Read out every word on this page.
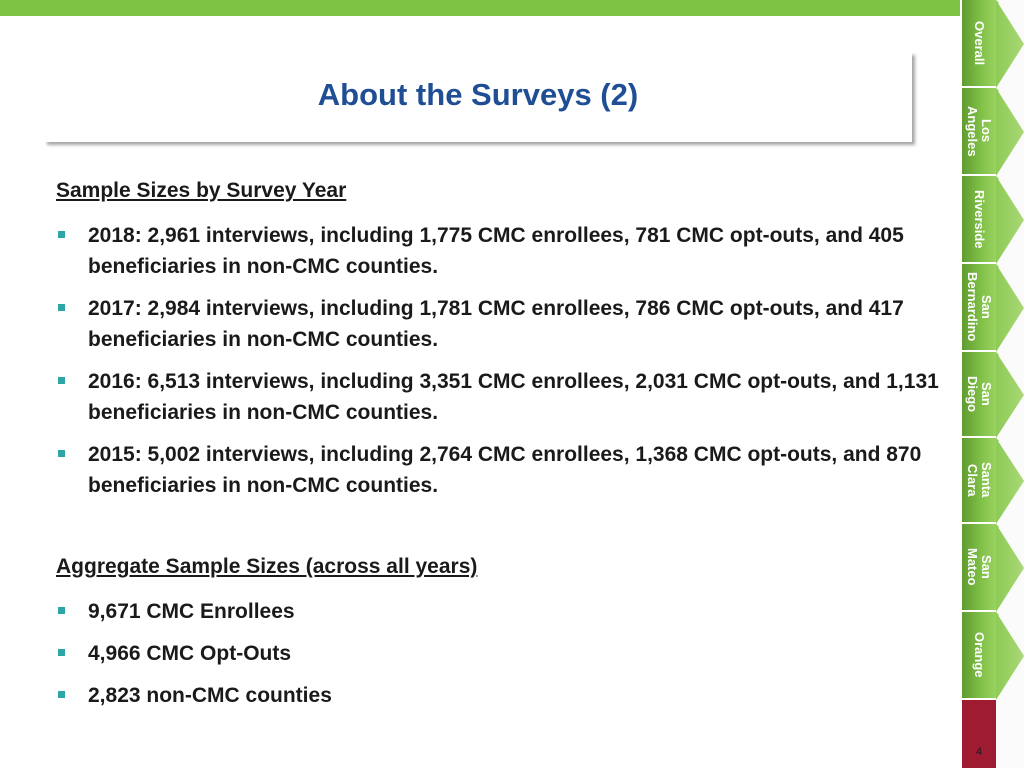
About the Surveys (2)
Sample Sizes by Survey Year
2018: 2,961 interviews, including 1,775 CMC enrollees, 781 CMC opt-outs, and 405 beneficiaries in non-CMC counties.
2017: 2,984 interviews, including 1,781 CMC enrollees, 786 CMC opt-outs, and 417 beneficiaries in non-CMC counties.
2016: 6,513 interviews, including 3,351 CMC enrollees, 2,031 CMC opt-outs, and 1,131 beneficiaries in non-CMC counties.
2015: 5,002 interviews, including 2,764 CMC enrollees, 1,368 CMC opt-outs, and 870 beneficiaries in non-CMC counties.
Aggregate Sample Sizes (across all years)
9,671 CMC Enrollees
4,966 CMC Opt-Outs
2,823 non-CMC counties
Overall
Los
Angeles
Riverside
San
Bernardino
San
Diego
Santa
Clara
San
Mateo
Orange
4
